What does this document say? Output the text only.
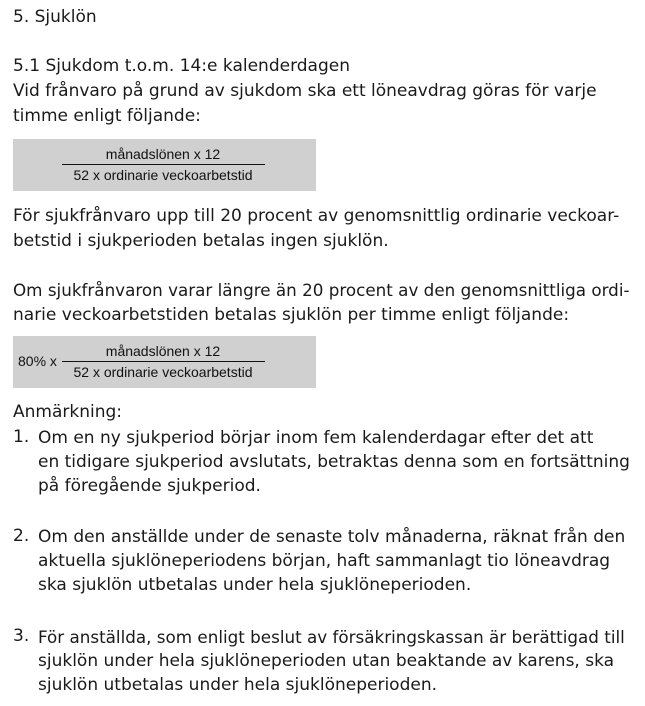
5. Sjuklön
5.1 Sjukdom t.o.m. 14:e kalenderdagen
Vid frånvaro på grund av sjukdom ska ett löneavdrag göras för varje
timme enligt följande:
månadslönen x 12
52 x ordinarie veckoarbetstid
För sjukfrånvaro upp till 20 procent av genomsnittlig ordinarie veckoar-
betstid i sjukperioden betalas ingen sjuklön.
Om sjukfrånvaron varar längre än 20 procent av den genomsnittliga ordi-
narie veckoarbetstiden betalas sjuklön per timme enligt följande:
80% x
månadslönen x 12
52 x ordinarie veckoarbetstid
Anmärkning:
1. Om en ny sjukperiod börjar inom fem kalenderdagar efter det att
en tidigare sjukperiod avslutats, betraktas denna som en fortsättning
på föregående sjukperiod.
2. Om den anställde under de senaste tolv månaderna, räknat från den
aktuella sjuklöneperiodens början, haft sammanlagt tio löneavdrag
ska sjuklön utbetalas under hela sjuklöneperioden.
3. För anställda, som enligt beslut av försäkringskassan är berättigad till
sjuklön under hela sjuklöneperioden utan beaktande av karens, ska
sjuklön utbetalas under hela sjuklöneperioden.
